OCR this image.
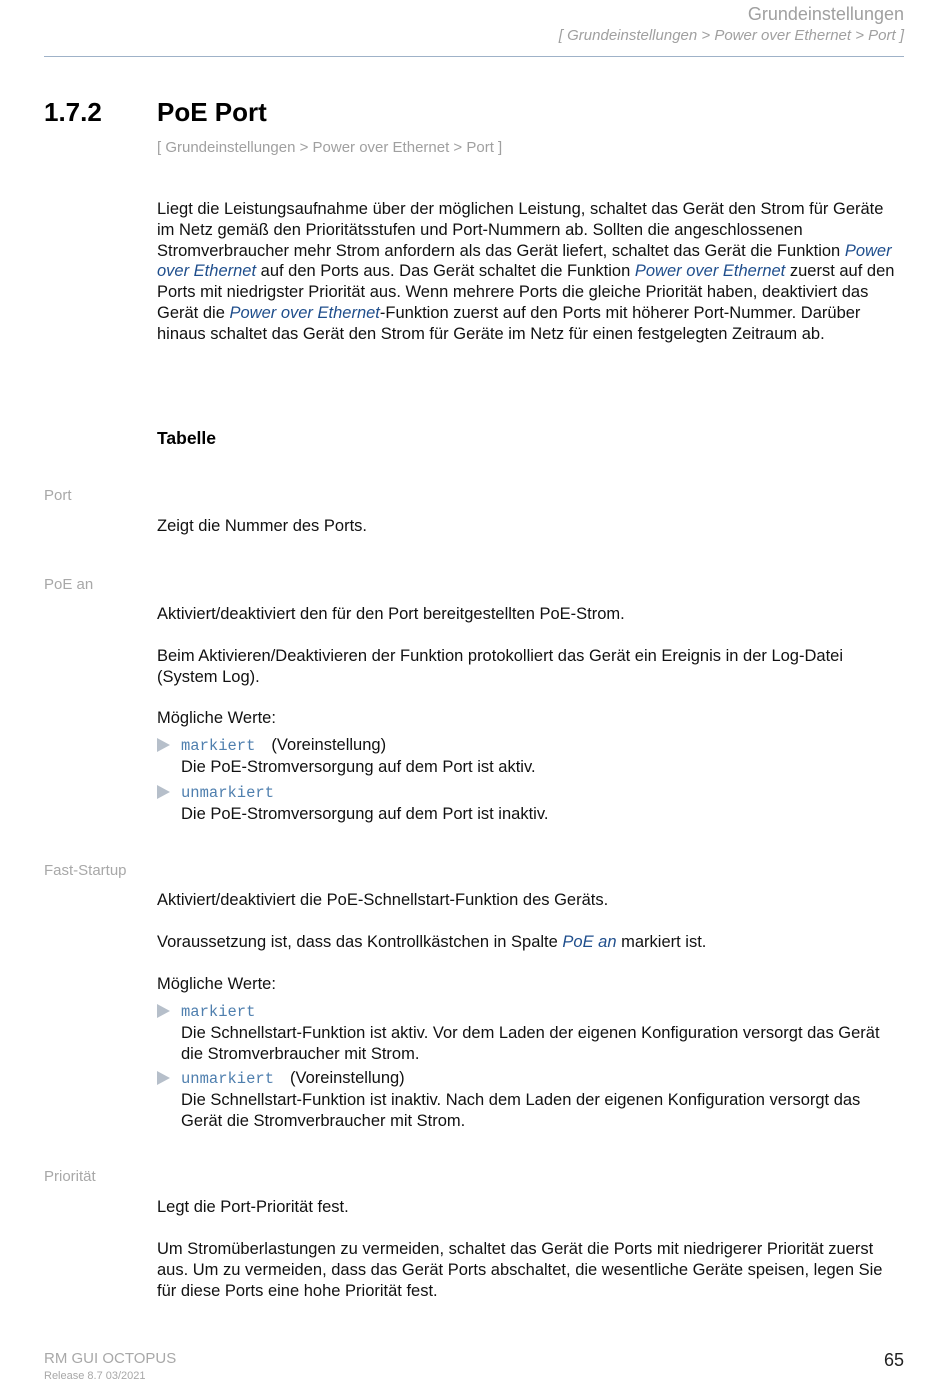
Grundeinstellungen
[ Grundeinstellungen > Power over Ethernet > Port ]
1.7.2 PoE Port
[ Grundeinstellungen > Power over Ethernet > Port ]
Liegt die Leistungsaufnahme über der möglichen Leistung, schaltet das Gerät den Strom für Geräte im Netz gemäß den Prioritätsstufen und Port-Nummern ab. Sollten die angeschlossenen Stromverbraucher mehr Strom anfordern als das Gerät liefert, schaltet das Gerät die Funktion Power over Ethernet auf den Ports aus. Das Gerät schaltet die Funktion Power over Ethernet zuerst auf den Ports mit niedrigster Priorität aus. Wenn mehrere Ports die gleiche Priorität haben, deaktiviert das Gerät die Power over Ethernet-Funktion zuerst auf den Ports mit höherer Port-Nummer. Darüber hinaus schaltet das Gerät den Strom für Geräte im Netz für einen festgelegten Zeitraum ab.
Tabelle
Port

Zeigt die Nummer des Ports.

PoE an

Aktiviert/deaktiviert den für den Port bereitgestellten PoE-Strom.

Beim Aktivieren/Deaktivieren der Funktion protokolliert das Gerät ein Ereignis in der Log-Datei (System Log).

Mögliche Werte:

markiert (Voreinstellung)
Die PoE-Stromversorgung auf dem Port ist aktiv.
unmarkiert
Die PoE-Stromversorgung auf dem Port ist inaktiv.
Fast-Startup

Aktiviert/deaktiviert die PoE-Schnellstart-Funktion des Geräts.

Voraussetzung ist, dass das Kontrollkästchen in Spalte PoE an markiert ist.

Mögliche Werte:

markiert
Die Schnellstart-Funktion ist aktiv. Vor dem Laden der eigenen Konfiguration versorgt das Gerät die Stromverbraucher mit Strom.
unmarkiert (Voreinstellung)
Die Schnellstart-Funktion ist inaktiv. Nach dem Laden der eigenen Konfiguration versorgt das Gerät die Stromverbraucher mit Strom.
Priorität

Legt die Port-Priorität fest.

Um Stromüberlastungen zu vermeiden, schaltet das Gerät die Ports mit niedrigerer Priorität zuerst aus. Um zu vermeiden, dass das Gerät Ports abschaltet, die wesentliche Geräte speisen, legen Sie für diese Ports eine hohe Priorität fest.

RM GUI OCTOPUS
Release 8.7 03/2021
65
